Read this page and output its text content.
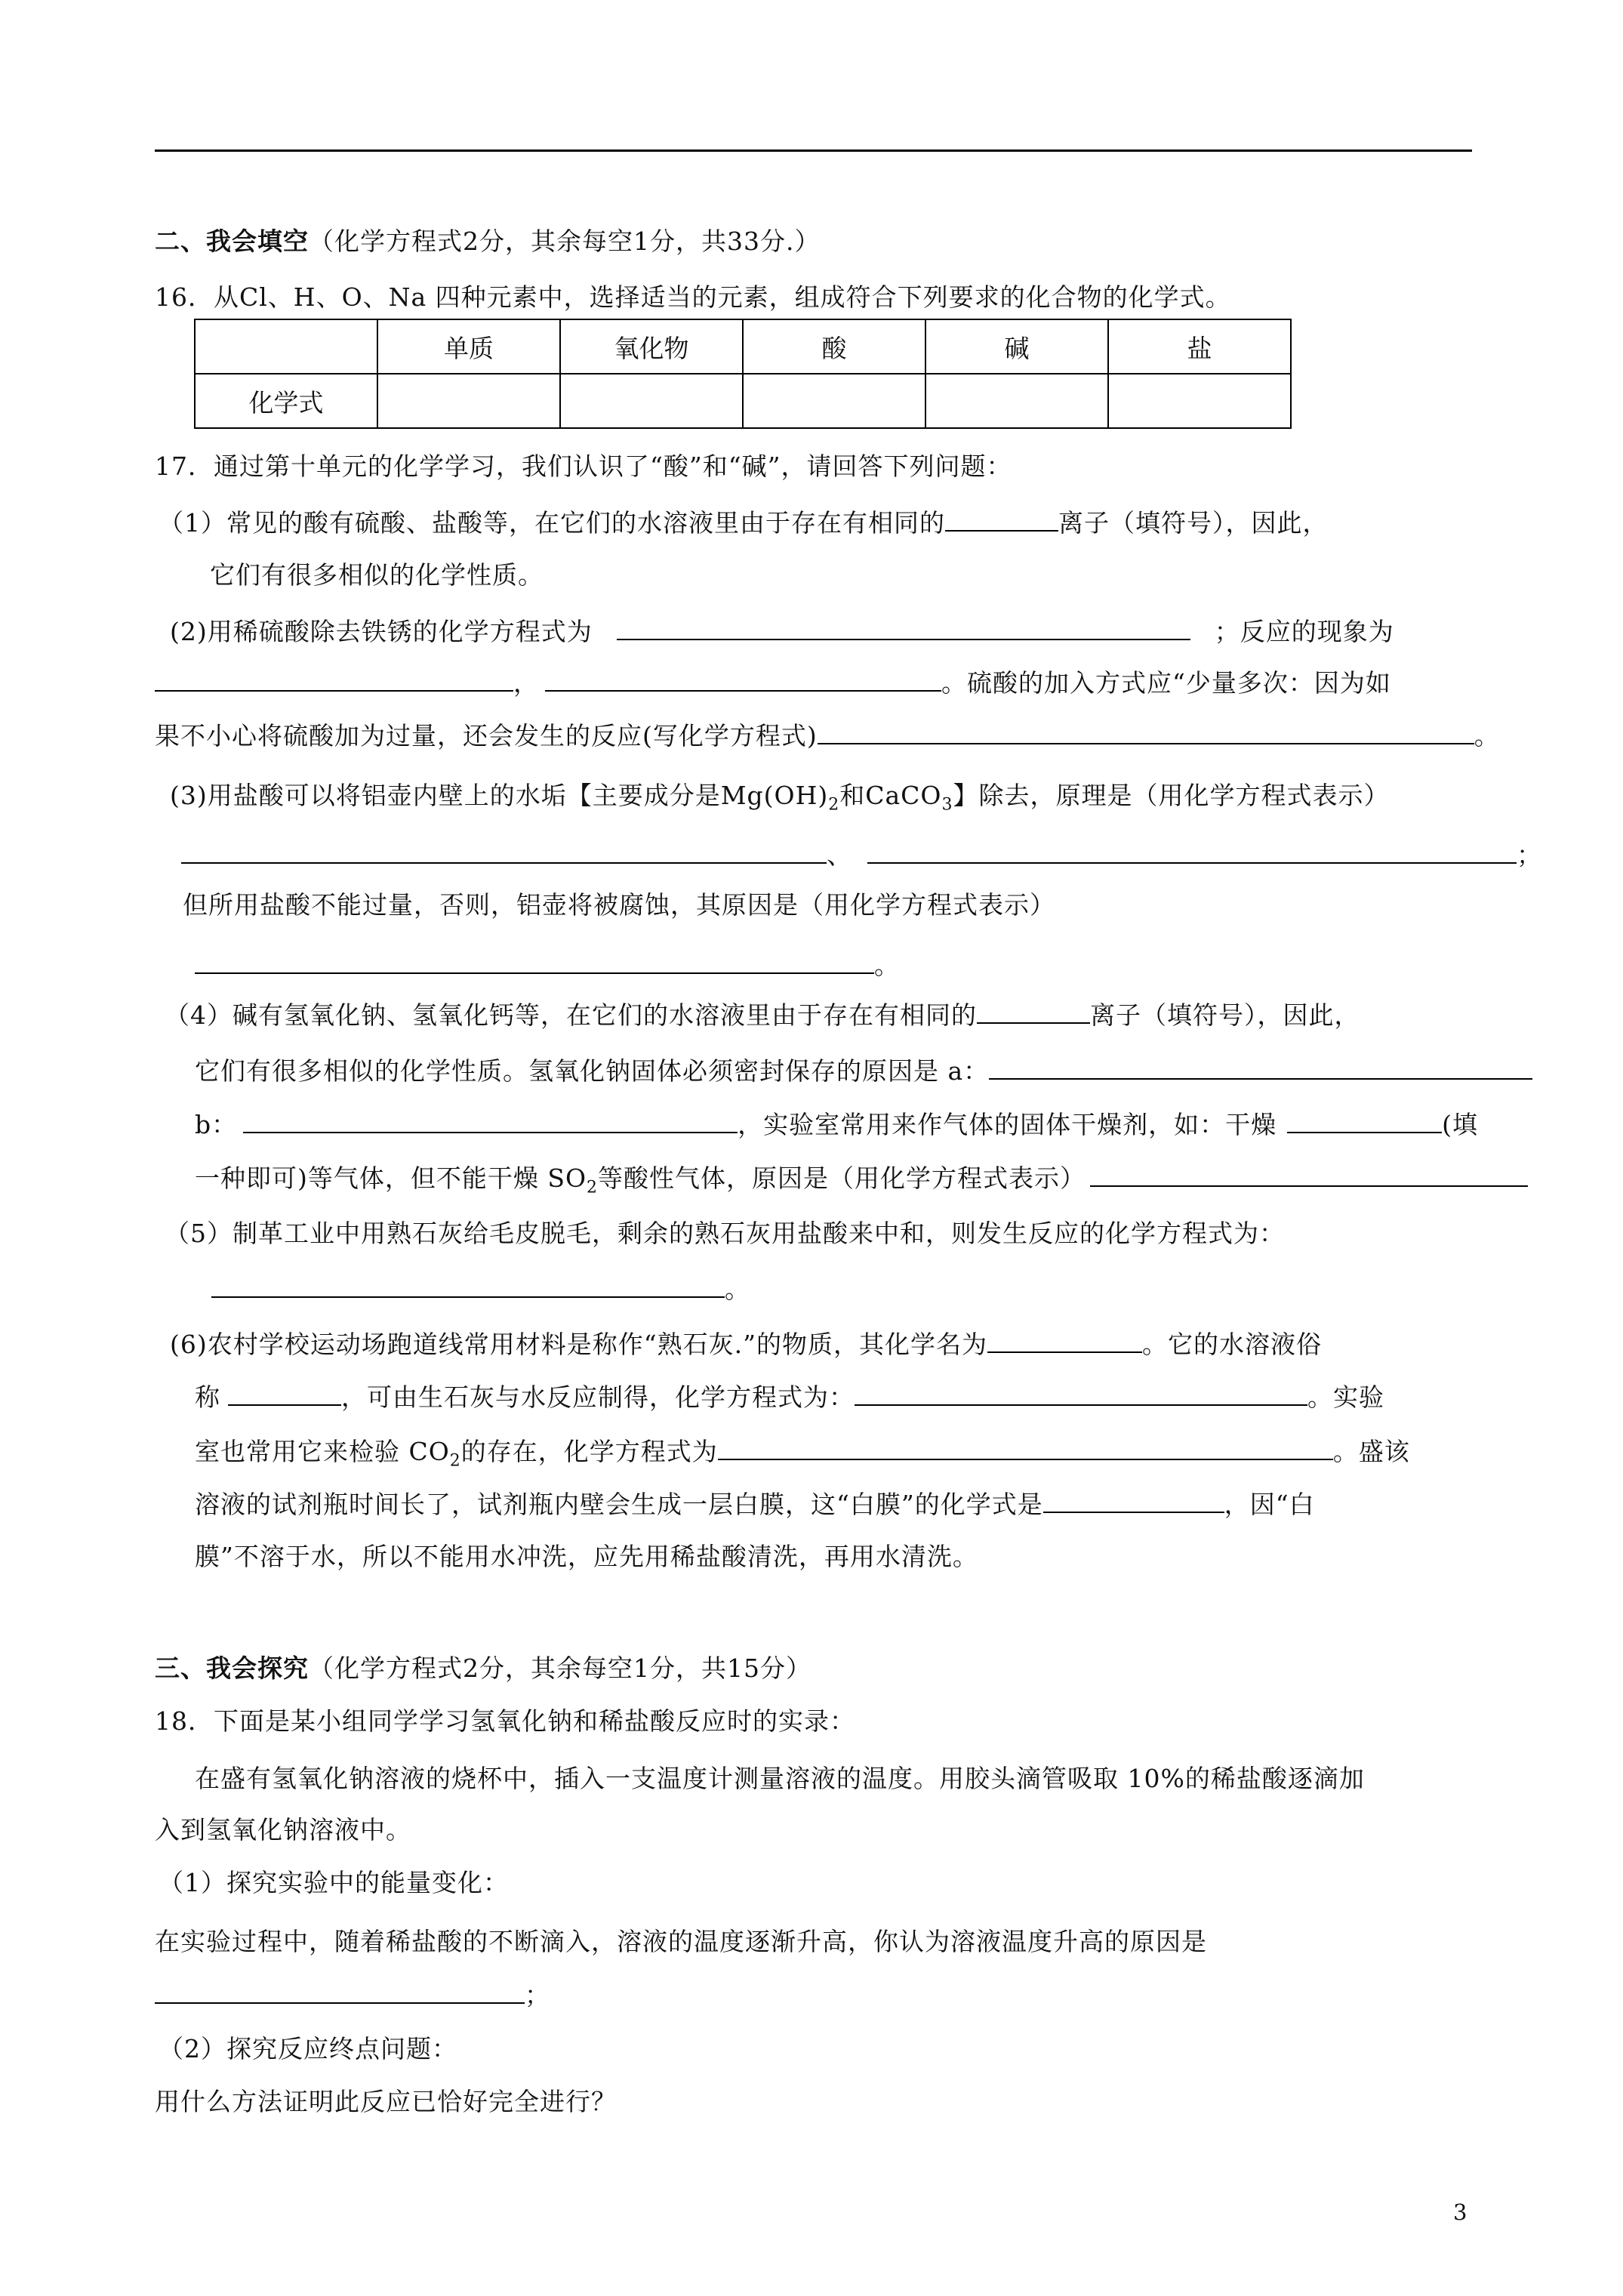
二、我会填空（化学方程式2分，其余每空1分，共33分.）
16．从Cl、H、O、Na 四种元素中，选择适当的元素，组成符合下列要求的化合物的化学式。
	单质	氧化物	酸	碱	盐
化学式					
17．通过第十单元的化学学习，我们认识了“酸”和“碱”，请回答下列问题：
（1）常见的酸有硫酸、盐酸等，在它们的水溶液里由于存在有相同的	离子（填符号），因此，
它们有很多相似的化学性质。
(2)用稀硫酸除去铁锈的化学方程式为	；反应的现象为
，	。硫酸的加入方式应“少量多次：因为如
果不小心将硫酸加为过量，还会发生的反应(写化学方程式)	。
(3)用盐酸可以将铝壶内壁上的水垢【主要成分是$Mg(OH)_2$和CaCO$_3$】除去，原理是（用化学方程式表示）
、	；
但所用盐酸不能过量，否则，铝壶将被腐蚀，其原因是（用化学方程式表示）
。
（4）碱有氢氧化钠、氢氧化钙等，在它们的水溶液里由于存在有相同的	离子（填符号），因此，
它们有很多相似的化学性质。氢氧化钠固体必须密封保存的原因是 a：
b：	，实验室常用来作气体的固体干燥剂，如：干燥	(填
一种即可)等气体，但不能干燥 $SO_2$等酸性气体，原因是（用化学方程式表示）
（5）制革工业中用熟石灰给毛皮脱毛，剩余的熟石灰用盐酸来中和，则发生反应的化学方程式为：
。
(6)农村学校运动场跑道线常用材料是称作“熟石灰.”的物质，其化学名为	。它的水溶液俗
称	，可由生石灰与水反应制得，化学方程式为：	。实验
室也常用它来检验 $CO_2$的存在，化学方程式为	。盛该
溶液的试剂瓶时间长了，试剂瓶内壁会生成一层白膜，这“白膜”的化学式是	，因“白
膜”不溶于水，所以不能用水冲洗，应先用稀盐酸清洗，再用水清洗。
三、我会探究（化学方程式2分，其余每空1分，共15分）
18．下面是某小组同学学习氢氧化钠和稀盐酸反应时的实录：
在盛有氢氧化钠溶液的烧杯中，插入一支温度计测量溶液的温度。用胶头滴管吸取 10%的稀盐酸逐滴加
入到氢氧化钠溶液中。
（1）探究实验中的能量变化：
在实验过程中，随着稀盐酸的不断滴入，溶液的温度逐渐升高，你认为溶液温度升高的原因是
；
（2）探究反应终点问题：
用什么方法证明此反应已恰好完全进行？
3
